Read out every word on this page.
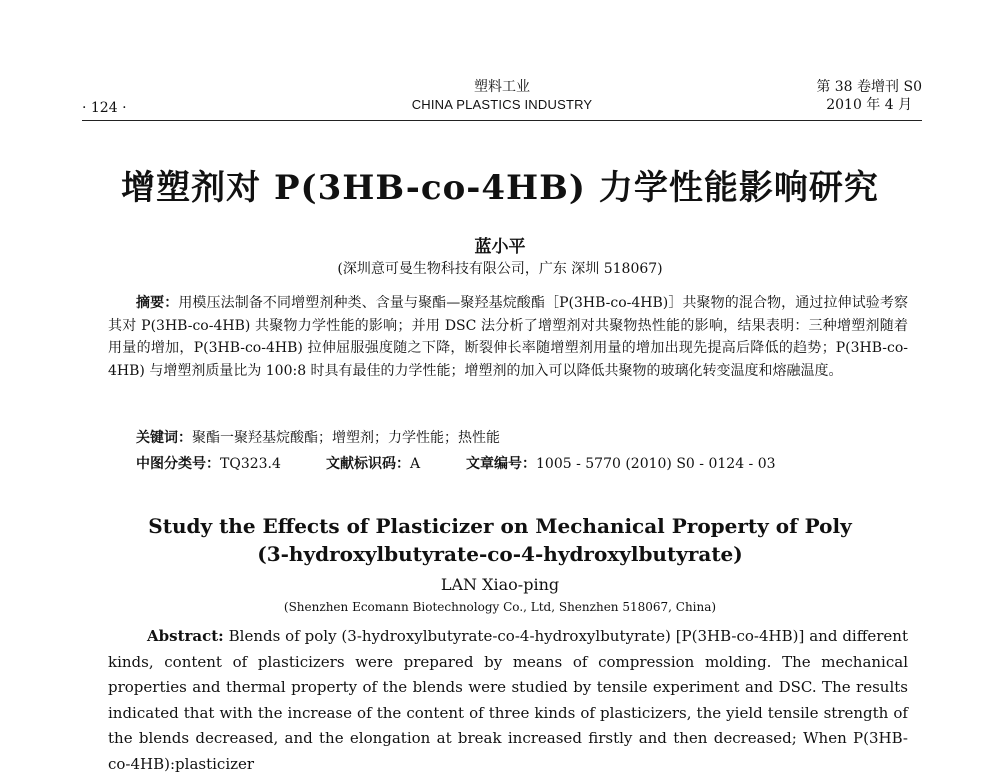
· 124 ·
塑料工业
CHINA PLASTICS INDUSTRY
第 38 卷增刊 S0
2010 年 4 月
增塑剂对 P(3HB-co-4HB) 力学性能影响研究
蓝小平
(深圳意可曼生物科技有限公司，广东 深圳 518067)
摘要：用模压法制备不同增塑剂种类、含量与聚酯—聚羟基烷酸酯［P(3HB-co-4HB)］共聚物的混合物，通过拉伸试验考察其对 P(3HB-co-4HB) 共聚物力学性能的影响；并用 DSC 法分析了增塑剂对共聚物热性能的影响，结果表明：三种增塑剂随着用量的增加，P(3HB-co-4HB) 拉伸屈服强度随之下降，断裂伸长率随增塑剂用量的增加出现先提高后降低的趋势；P(3HB-co-4HB) 与增塑剂质量比为 100:8 时具有最佳的力学性能；增塑剂的加入可以降低共聚物的玻璃化转变温度和熔融温度。
关键词：聚酯一聚羟基烷酸酯；增塑剂；力学性能；热性能
中图分类号：TQ323.4	文献标识码：A	文章编号：1005 - 5770 (2010) S0 - 0124 - 03
Study the Effects of Plasticizer on Mechanical Property of Poly
(3-hydroxylbutyrate-co-4-hydroxylbutyrate)
LAN Xiao-ping
(Shenzhen Ecomann Biotechnology Co., Ltd, Shenzhen 518067, China)
Abstract: Blends of poly (3-hydroxylbutyrate-co-4-hydroxylbutyrate) [P(3HB-co-4HB)] and different kinds, content of plasticizers were prepared by means of compression molding. The mechanical properties and thermal property of the blends were studied by tensile experiment and DSC. The results indicated that with the increase of the content of three kinds of plasticizers, the yield tensile strength of the blends decreased, and the elongation at break increased firstly and then decreased; When P(3HB-co-4HB):plasticizer
